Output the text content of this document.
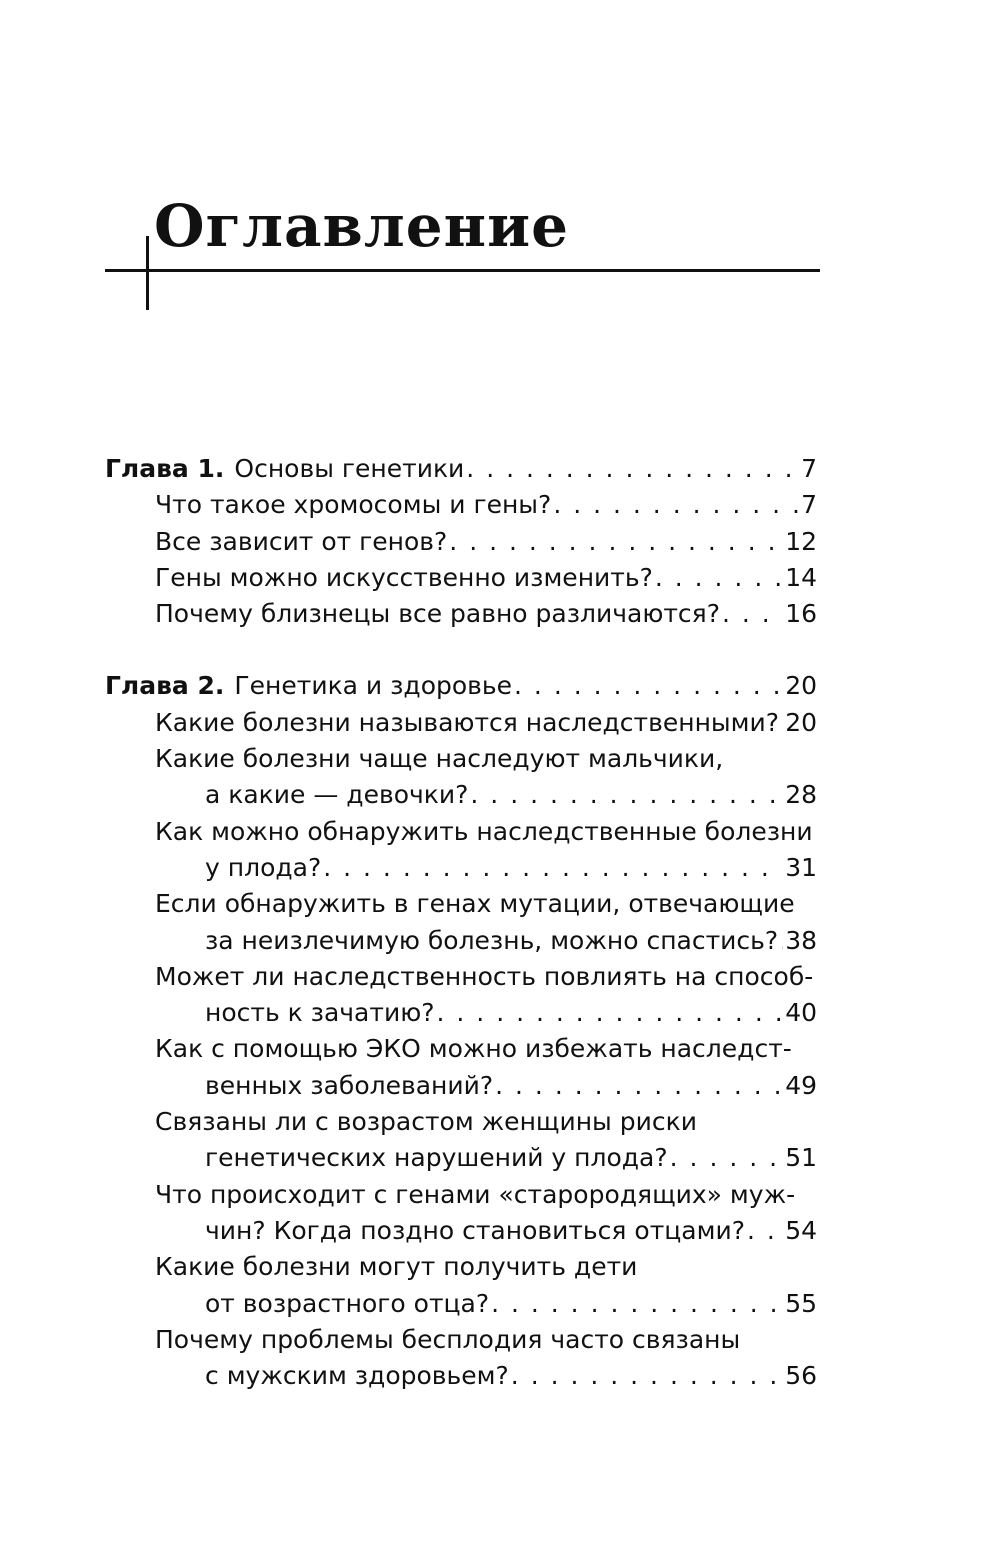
Оглавление
Глава 1. Основы генетики . . .	7
Что такое хромосомы и гены? . . .	7
Все зависит от генов? . . .	12
Гены можно искусственно изменить? . . .	14
Почему близнецы все равно различаются? . . .	16
Глава 2. Генетика и здоровье . . .	20
Какие болезни называются наследственными? . . . 20
Какие болезни чаще наследуют мальчики,
а какие — девочки? . . .	28
Как можно обнаружить наследственные болезни
у плода? . . .	31
Если обнаружить в генах мутации, отвечающие
за неизлечимую болезнь, можно спастись? . . . 38
Может ли наследственность повлиять на способ-
ность к зачатию? . . .	40
Как с помощью ЭКО можно избежать наследст-
венных заболеваний? . . .	49
Связаны ли с возрастом женщины риски
генетических нарушений у плода? . . .	51
Что происходит с генами «старородящих» муж-
чин? Когда поздно становиться отцами? . . . 54
Какие болезни могут получить дети
от возрастного отца? . . .	55
Почему проблемы бесплодия часто связаны
с мужским здоровьем? . . .	56
